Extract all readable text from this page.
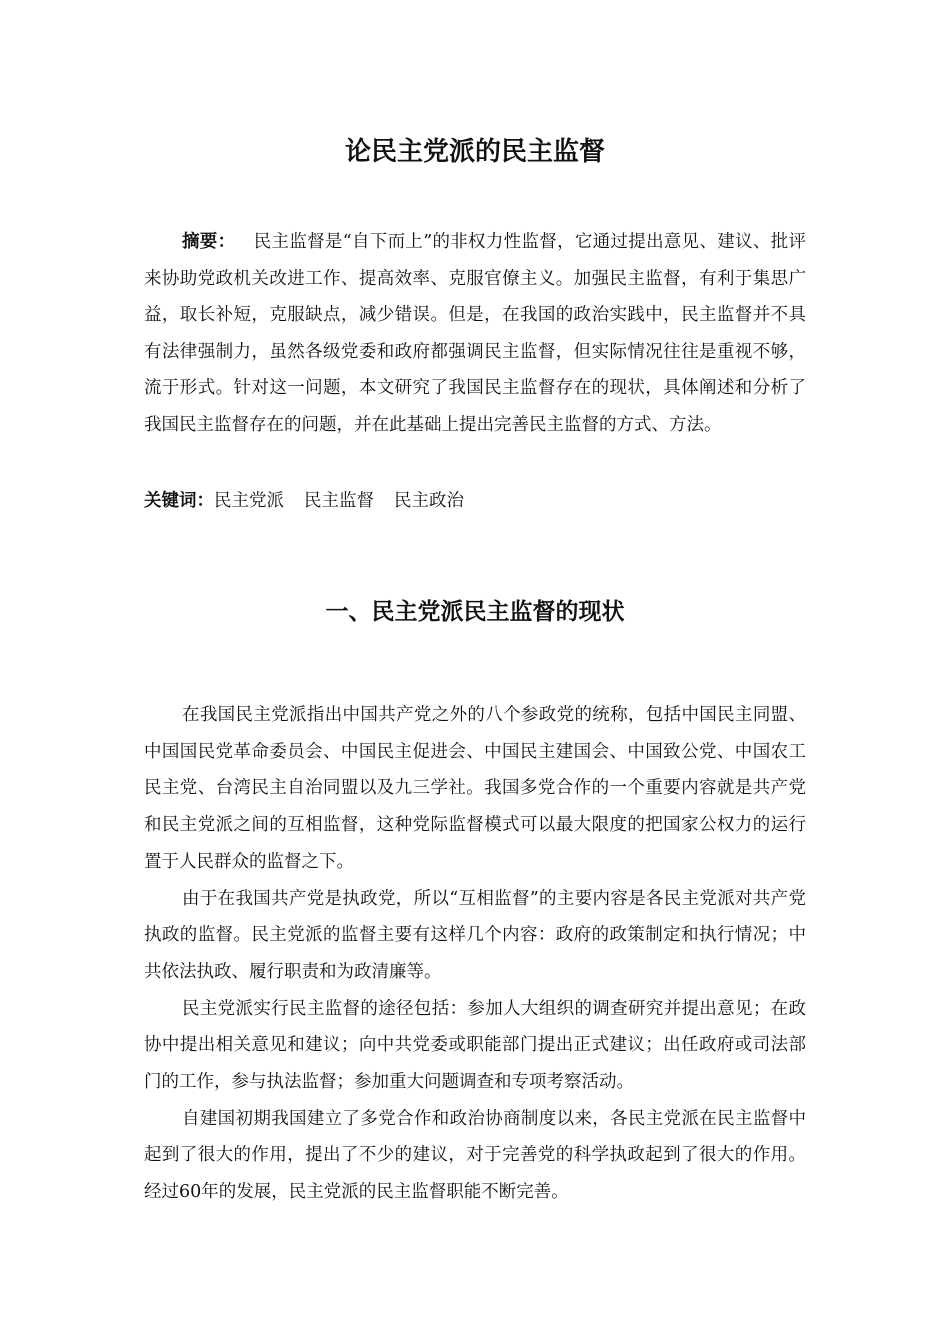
论民主党派的民主监督

摘要： 民主监督是“自下而上”的非权力性监督，它通过提出意见、建议、批评来协助党政机关改进工作、提高效率、克服官僚主义。加强民主监督，有利于集思广益，取长补短，克服缺点，减少错误。但是，在我国的政治实践中，民主监督并不具有法律强制力，虽然各级党委和政府都强调民主监督，但实际情况往往是重视不够，流于形式。针对这一问题，本文研究了我国民主监督存在的现状，具体阐述和分析了我国民主监督存在的问题，并在此基础上提出完善民主监督的方式、方法。

关键词：民主党派 民主监督 民主政治

一、民主党派民主监督的现状

在我国民主党派指出中国共产党之外的八个参政党的统称，包括中国民主同盟、中国国民党革命委员会、中国民主促进会、中国民主建国会、中国致公党、中国农工民主党、台湾民主自治同盟以及九三学社。我国多党合作的一个重要内容就是共产党和民主党派之间的互相监督，这种党际监督模式可以最大限度的把国家公权力的运行置于人民群众的监督之下。

由于在我国共产党是执政党，所以“互相监督”的主要内容是各民主党派对共产党执政的监督。民主党派的监督主要有这样几个内容：政府的政策制定和执行情况；中共依法执政、履行职责和为政清廉等。

民主党派实行民主监督的途径包括：参加人大组织的调查研究并提出意见；在政协中提出相关意见和建议；向中共党委或职能部门提出正式建议；出任政府或司法部门的工作，参与执法监督；参加重大问题调查和专项考察活动。

自建国初期我国建立了多党合作和政治协商制度以来，各民主党派在民主监督中起到了很大的作用，提出了不少的建议，对于完善党的科学执政起到了很大的作用。经过60年的发展，民主党派的民主监督职能不断完善。
